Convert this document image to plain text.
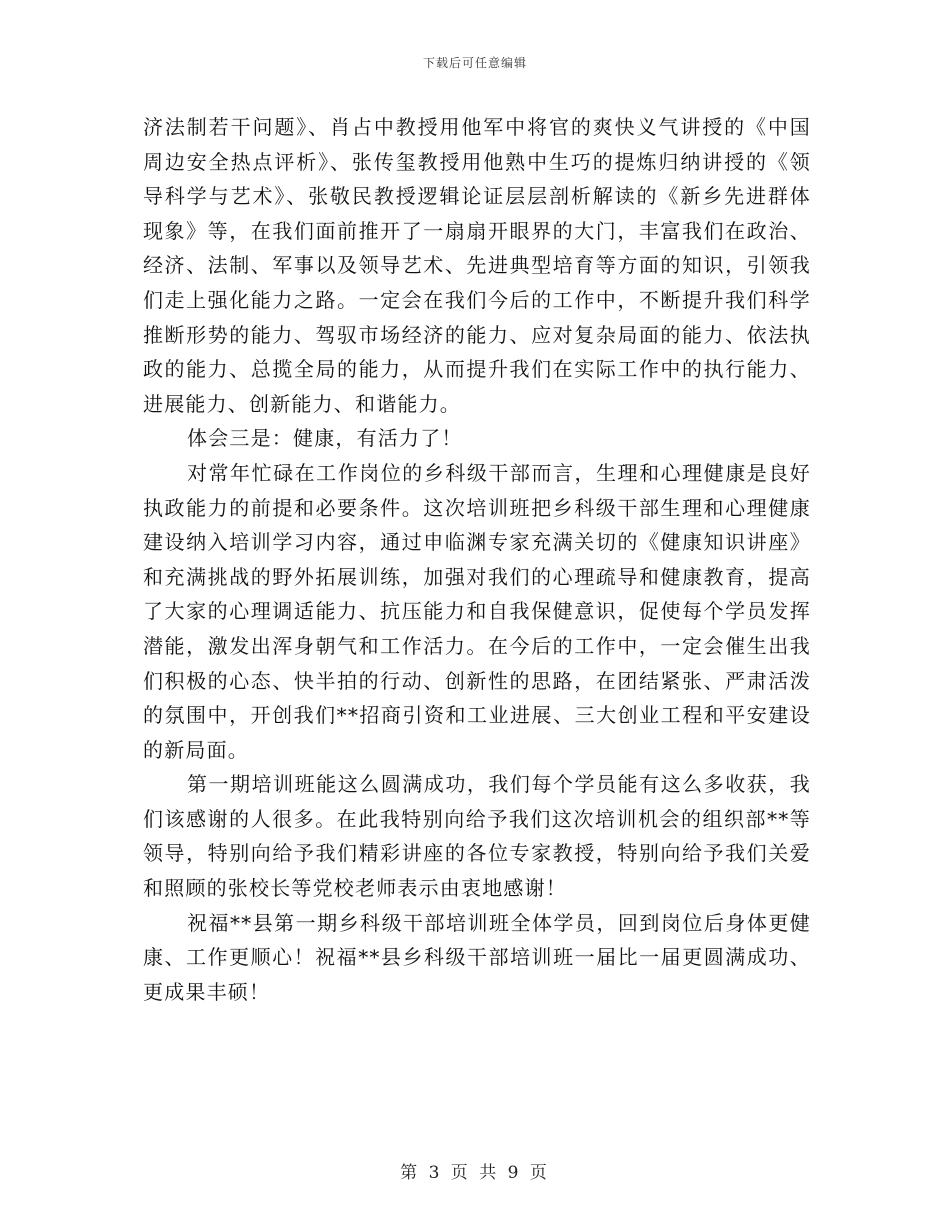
下载后可任意编辑

济法制若干问题》、肖占中教授用他军中将官的爽快义气讲授的《中国周边安全热点评析》、张传玺教授用他熟中生巧的提炼归纳讲授的《领导科学与艺术》、张敬民教授逻辑论证层层剖析解读的《新乡先进群体现象》等，在我们面前推开了一扇扇开眼界的大门，丰富我们在政治、经济、法制、军事以及领导艺术、先进典型培育等方面的知识，引领我们走上强化能力之路。一定会在我们今后的工作中，不断提升我们科学推断形势的能力、驾驭市场经济的能力、应对复杂局面的能力、依法执政的能力、总揽全局的能力，从而提升我们在实际工作中的执行能力、进展能力、创新能力、和谐能力。

体会三是：健康，有活力了！

对常年忙碌在工作岗位的乡科级干部而言，生理和心理健康是良好执政能力的前提和必要条件。这次培训班把乡科级干部生理和心理健康建设纳入培训学习内容，通过申临渊专家充满关切的《健康知识讲座》和充满挑战的野外拓展训练，加强对我们的心理疏导和健康教育，提高了大家的心理调适能力、抗压能力和自我保健意识，促使每个学员发挥潜能，激发出浑身朝气和工作活力。在今后的工作中，一定会催生出我们积极的心态、快半拍的行动、创新性的思路，在团结紧张、严肃活泼的氛围中，开创我们**招商引资和工业进展、三大创业工程和平安建设的新局面。

第一期培训班能这么圆满成功，我们每个学员能有这么多收获，我们该感谢的人很多。在此我特别向给予我们这次培训机会的组织部**等领导，特别向给予我们精彩讲座的各位专家教授，特别向给予我们关爱和照顾的张校长等党校老师表示由衷地感谢！

祝福**县第一期乡科级干部培训班全体学员，回到岗位后身体更健康、工作更顺心！祝福**县乡科级干部培训班一届比一届更圆满成功、更成果丰硕！

第 3 页 共 9 页
